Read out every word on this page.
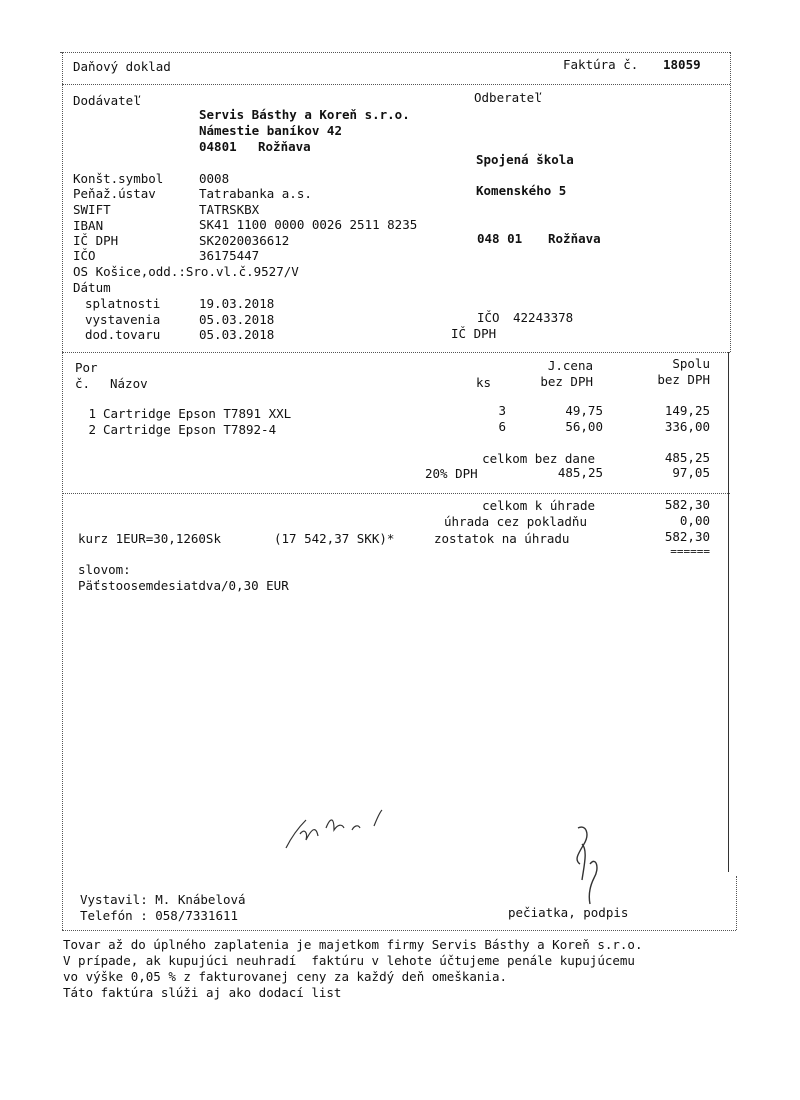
Daňový doklad	Faktúra č. 18059
Dodávateľ
Servis Básthy a Koreň s.r.o.
Námestie baníkov 42
04801 Rožňava
Konšt.symbol	0008
Peňaž.ústav	Tatrabanka a.s.
SWIFT	TATRSKBX
IBAN	SK41 1100 0000 0026 2511 8235
IČ DPH	SK2020036612
IČO	36175447
OS Košice,odd.:Sro.vl.č.9527/V
Dátum
splatnosti	19.03.2018
vystavenia	05.03.2018
dod.tovaru	05.03.2018
Odberateľ
Spojená škola
Komenského 5
048 01 Rožňava
IČO 42243378
IČ DPH
Por
č. Názov	ks
J.cena
bez DPH
Spolu
bez DPH
1 Cartridge Epson T7891 XXL	3	49,75	149,25
2 Cartridge Epson T7892-4	6	56,00	336,00
celkom bez dane	485,25
20% DPH	485,25	97,05
celkom k úhrade	582,30
úhrada cez pokladňu	0,00
kurz 1EUR=30,1260Sk	(17 542,37 SKK)*	zostatok na úhradu	582,30
======
slovom:
Päťstoosemdesiatdva/0,30 EUR
Vystavil: M. Knábelová
Telefón : 058/7331611	pečiatka, podpis
Tovar až do úplného zaplatenia je majetkom firmy Servis Básthy a Koreň s.r.o.
V prípade, ak kupujúci neuhradí  faktúru v lehote účtujeme penále kupujúcemu
vo výške 0,05 % z fakturovanej ceny za každý deň omeškania.
Táto faktúra slúži aj ako dodací list
